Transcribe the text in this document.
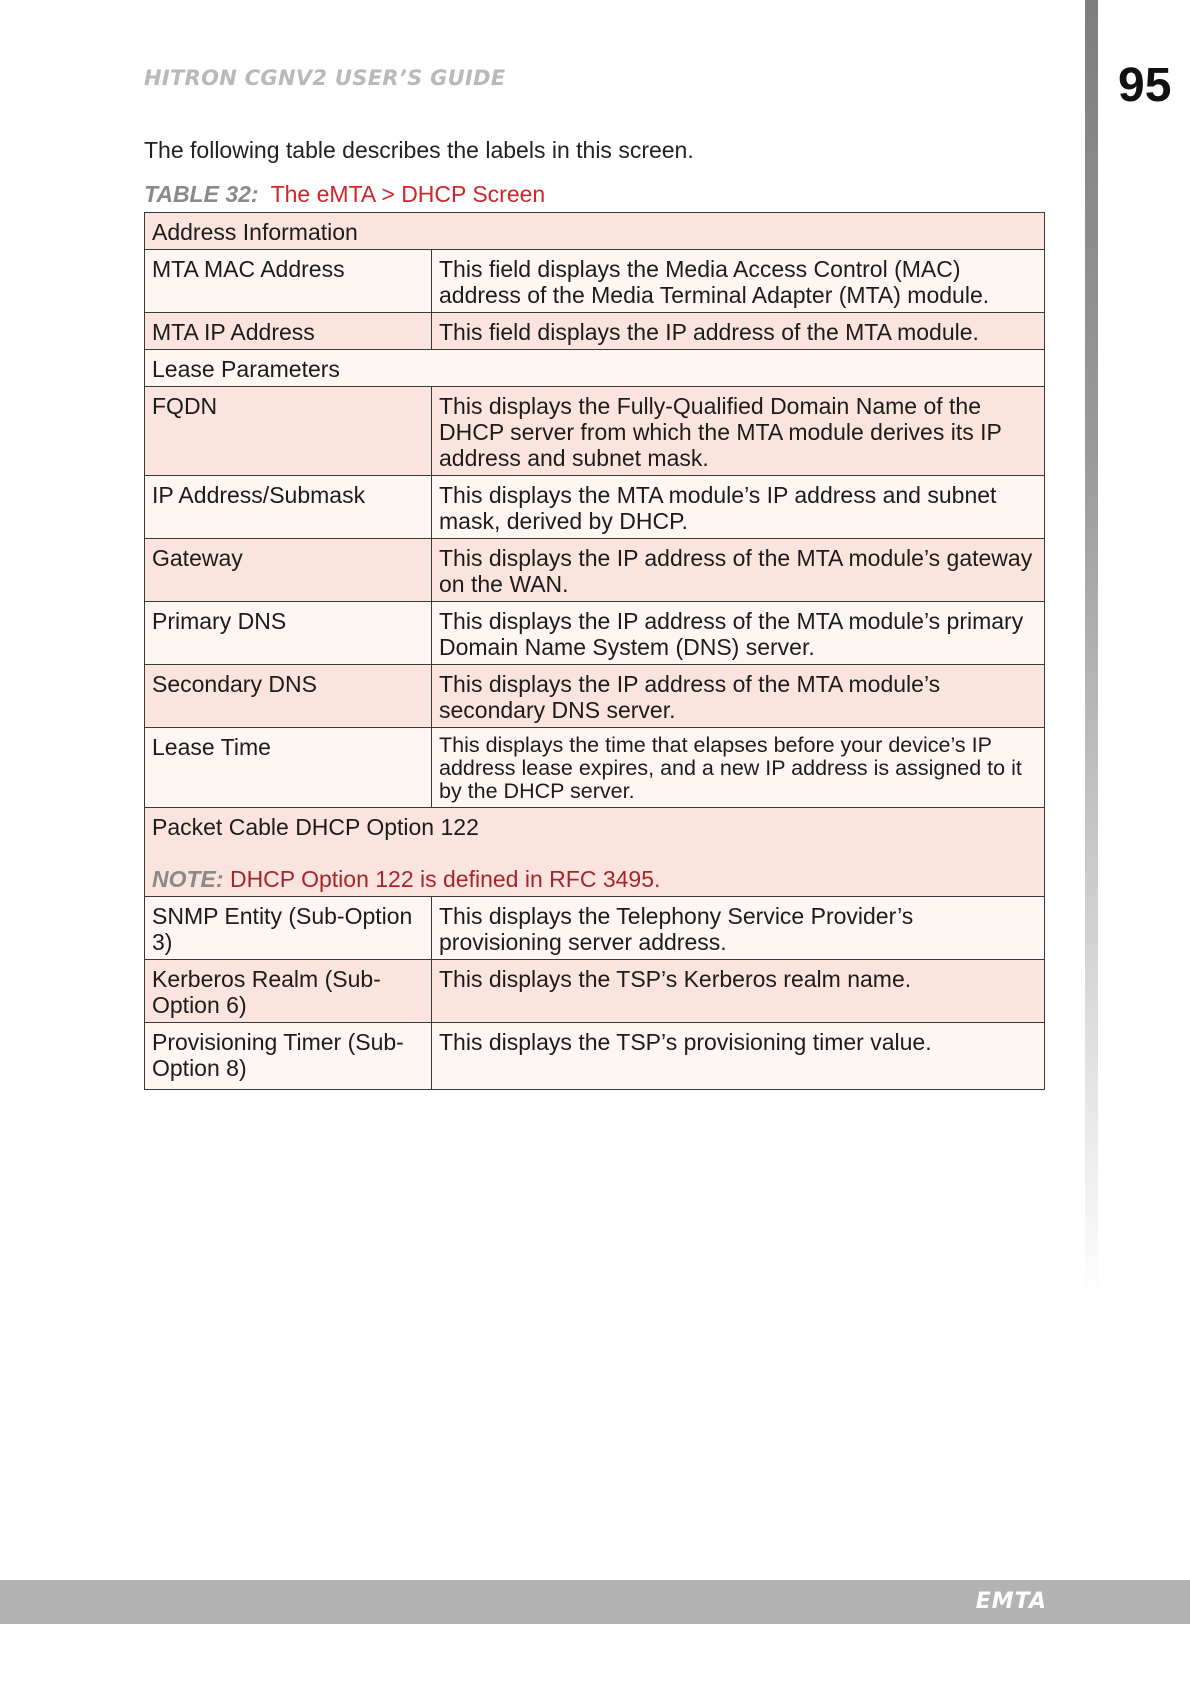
95
HITRON CGNV2 USER’S GUIDE
The following table describes the labels in this screen.
TABLE 32: The eMTA > DHCP Screen
Address Information	
MTA MAC Address	This field displays the Media Access Control (MAC) address of the Media Terminal Adapter (MTA) module.
MTA IP Address	This field displays the IP address of the MTA module.
Lease Parameters	
FQDN	This displays the Fully-Qualified Domain Name of the DHCP server from which the MTA module derives its IP address and subnet mask.
IP Address/Submask	This displays the MTA module’s IP address and subnet mask, derived by DHCP.
Gateway	This displays the IP address of the MTA module’s gateway on the WAN.
Primary DNS	This displays the IP address of the MTA module’s primary Domain Name System (DNS) server.
Secondary DNS	This displays the IP address of the MTA module’s secondary DNS server.
Lease Time	This displays the time that elapses before your device’s IP address lease expires, and a new IP address is assigned to it by the DHCP server.

Packet Cable DHCP Option 122
NOTE: DHCP Option 122 is defined in RFC 3495.	

SNMP Entity (Sub-Option 3)	This displays the Telephony Service Provider’s provisioning server address.
Kerberos Realm (Sub-Option 6)	This displays the TSP’s Kerberos realm name.
Provisioning Timer (Sub-Option 8)	This displays the TSP’s provisioning timer value.
EMTA
